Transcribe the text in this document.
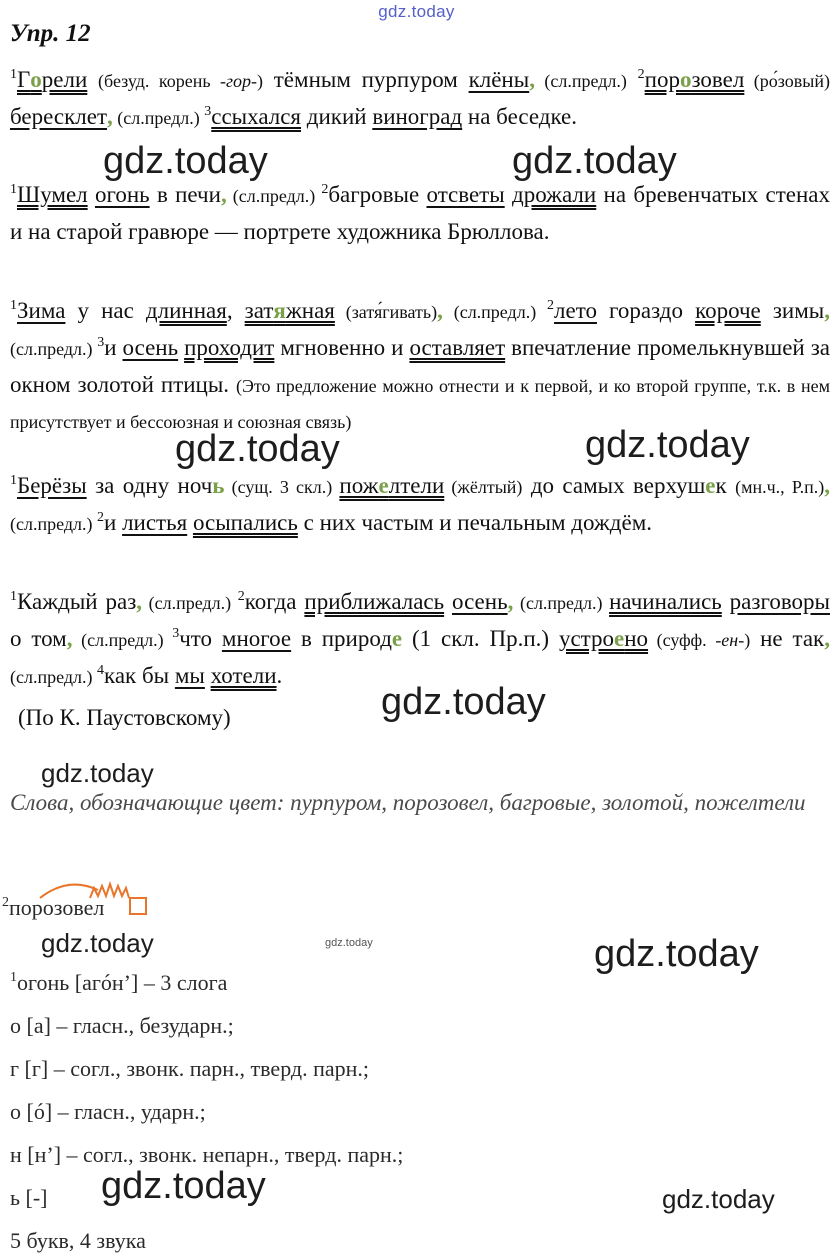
gdz.today
Упр. 12
$^1$Горели (безуд. корень -гор-) тёмным пурпуром клёны, (сл.предл.) $^2$порозовел (ро́зовый) бересклет, (сл.предл.) $^3$ссыхался дикий виноград на беседке.
$^1$Шумел огонь в печи, (сл.предл.) $^2$багровые отсветы дрожали на бревенчатых стенах и на старой гравюре — портрете художника Брюллова.
$^1$Зима у нас длинная, затяжная (затя́гивать), (сл.предл.) $^2$лето гораздо короче зимы, (сл.предл.) $^3$и осень проходит мгновенно и оставляет впечатление промелькнувшей за окном золотой птицы. (Это предложение можно отнести и к первой, и ко второй группе, т.к. в нем присутствует и бессоюзная и союзная связь)
$^1$Берёзы за одну ночь (сущ. 3 скл.) пожелтели (жёлтый) до самых верхушек (мн.ч., Р.п.), (сл.предл.) $^2$и листья осыпались с них частым и печальным дождём.
$^1$Каждый раз, (сл.предл.) $^2$когда приближалась осень, (сл.предл.) начинались разговоры о том, (сл.предл.) $^3$что многое в природе (1 скл. Пр.п.) устроено (суфф. -ен-) не так, (сл.предл.) $^4$как бы мы хотели.
(По К. Паустовскому)
Слова, обозначающие цвет: пурпуром, порозовел, багровые, золотой, пожелтели
$^2$порозовел
$^1$огонь [агóн’] – 3 слога
о [а] – гласн., безударн.;
г [г] – согл., звонк. парн., тверд. парн.;
о [ó] – гласн., ударн.;
н [н’] – согл., звонк. непарн., тверд. парн.;
ь [-]
5 букв, 4 звука
gdz.today	gdz.today
gdz.today	gdz.today
gdz.today
gdz.today
gdz.today	gdz.today	gdz.today
gdz.today	gdz.today
